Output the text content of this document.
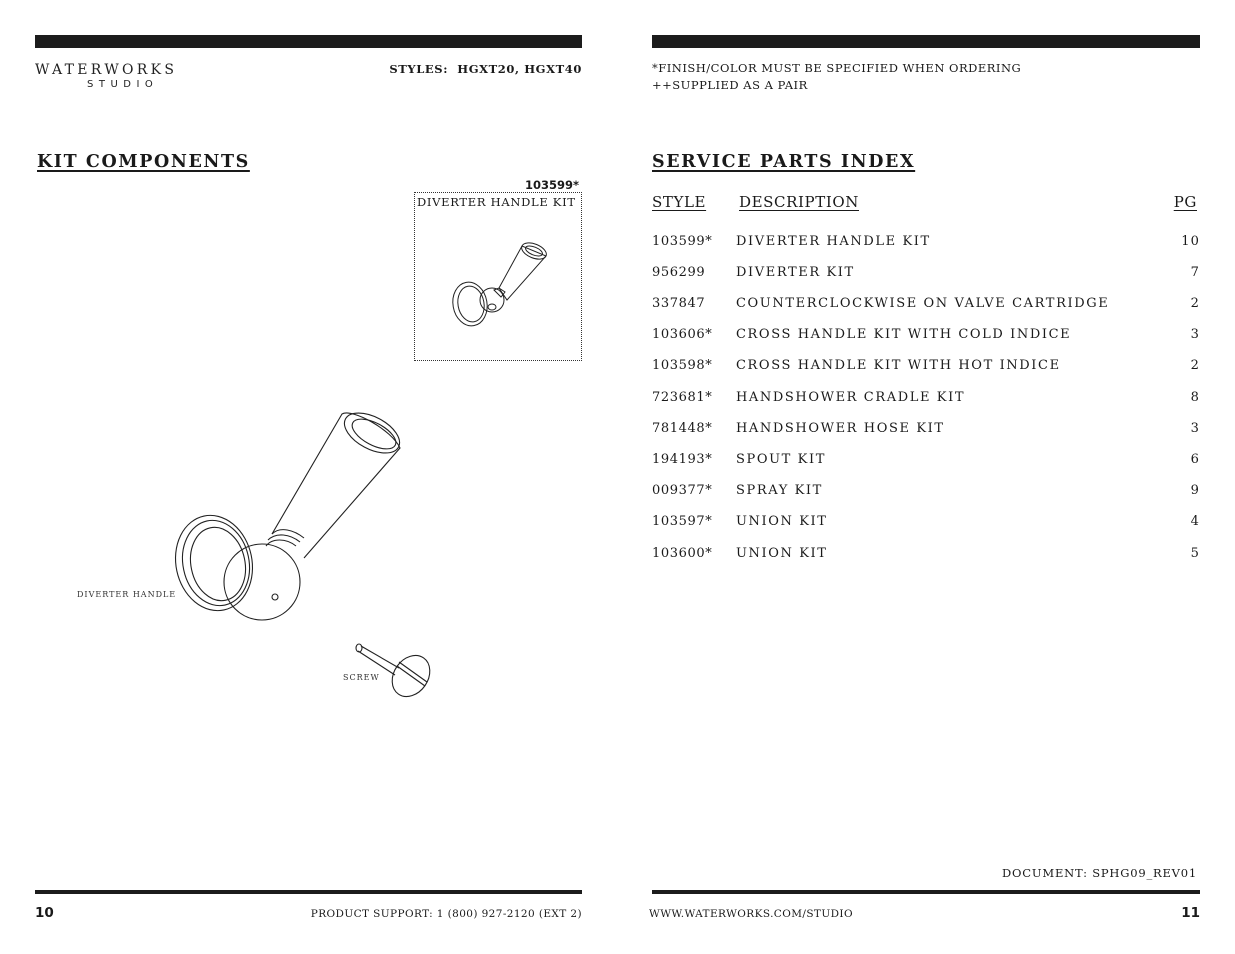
WATERWORKS
STUDIO
STYLES:  HGXT20, HGXT40
KIT COMPONENTS
103599*
DIVERTER HANDLE KIT
DIVERTER HANDLE
SCREW
10	PRODUCT SUPPORT: 1 (800) 927-2120 (EXT 2)
*FINISH/COLOR MUST BE SPECIFIED WHEN ORDERING
++SUPPLIED AS A PAIR
SERVICE PARTS INDEX
STYLE DESCRIPTION	PG
103599* DIVERTER HANDLE KIT	10
956299 DIVERTER KIT	7
337847 COUNTERCLOCKWISE ON VALVE CARTRIDGE	2
103606* CROSS HANDLE KIT WITH COLD INDICE	3
103598* CROSS HANDLE KIT WITH HOT INDICE	2
723681* HANDSHOWER CRADLE KIT	8
781448* HANDSHOWER HOSE KIT	3
194193* SPOUT KIT	6
009377* SPRAY KIT	9
103597* UNION KIT	4
103600* UNION KIT	5
DOCUMENT: SPHG09_REV01
WWW.WATERWORKS.COM/STUDIO	11
